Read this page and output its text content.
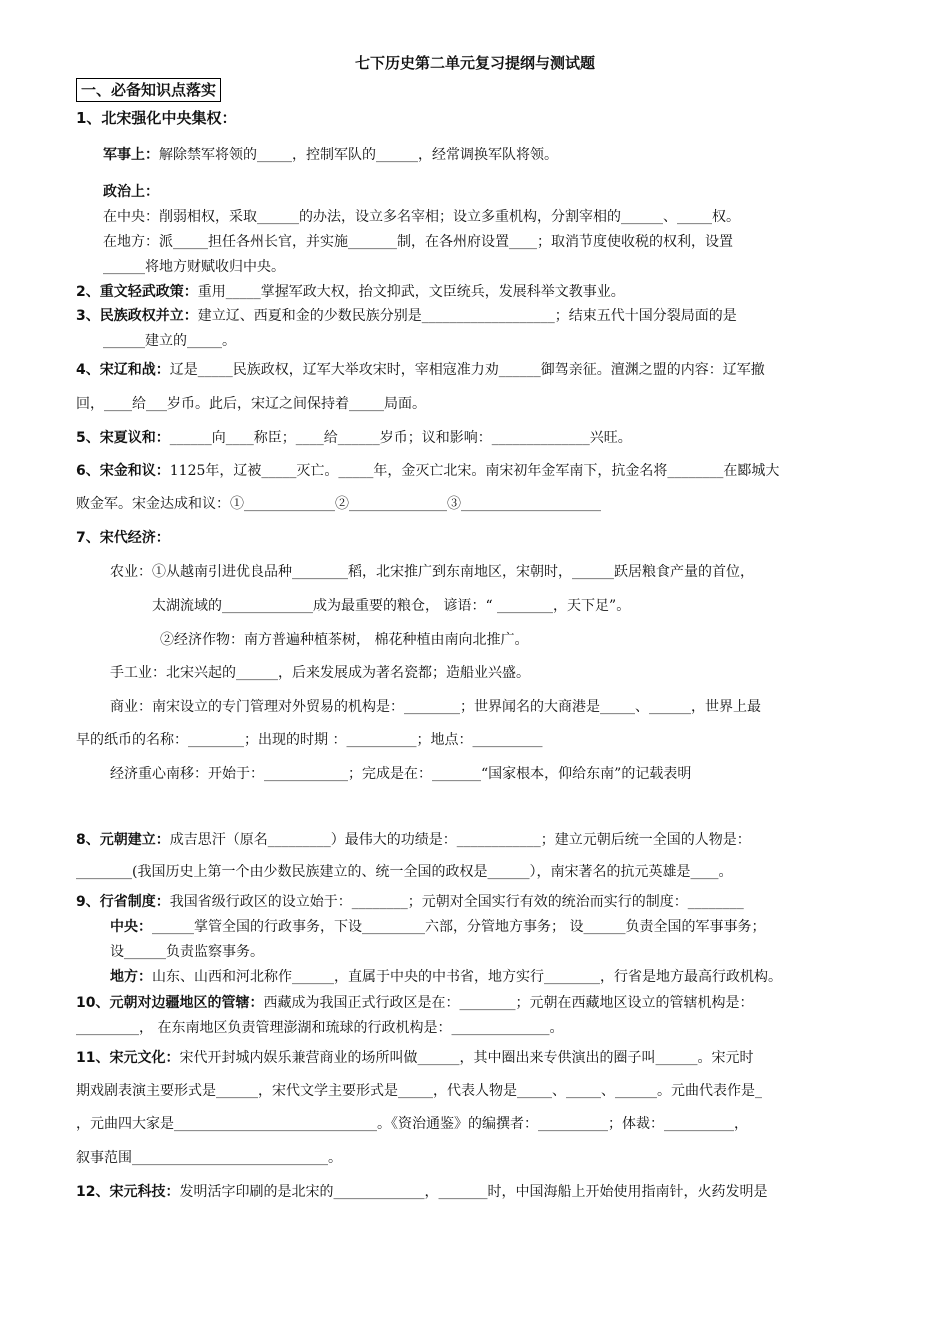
七下历史第二单元复习提纲与测试题
一、必备知识点落实
1、北宋强化中央集权：
军事上：解除禁军将领的_____，控制军队的______，经常调换军队将领。
政治上：
在中央：削弱相权，采取______的办法，设立多名宰相；设立多重机构，分割宰相的______、_____权。
在地方：派_____担任各州长官，并实施_______制，在各州府设置____；取消节度使收税的权利，设置
______将地方财赋收归中央。
2、重文轻武政策：重用_____掌握军政大权，抬文抑武，文臣统兵，发展科举文教事业。
3、民族政权并立：建立辽、西夏和金的少数民族分别是___________________；结束五代十国分裂局面的是
______建立的_____。
4、宋辽和战：辽是_____民族政权，辽军大举攻宋时，宰相寇准力劝______御驾亲征。澶渊之盟的内容：辽军撤
回，____给___岁币。此后，宋辽之间保持着_____局面。
5、宋夏议和：______向____称臣；____给______岁币；议和影响：______________兴旺。
6、宋金和议：1125年，辽被_____灭亡。_____年，金灭亡北宋。南宋初年金军南下，抗金名将________在郾城大
败金军。宋金达成和议：①_____________②______________③____________________
7、宋代经济：
农业：①从越南引进优良品种________稻，北宋推广到东南地区，宋朝时，______跃居粮食产量的首位，
太湖流域的_____________成为最重要的粮仓， 谚语：“ ________，天下足”。
②经济作物：南方普遍种植茶树， 棉花种植由南向北推广。
手工业：北宋兴起的______，后来发展成为著名瓷都；造船业兴盛。
商业：南宋设立的专门管理对外贸易的机构是：________；世界闻名的大商港是_____、______，世界上最
早的纸币的名称：________；出现的时期 ：__________；地点：__________
经济重心南移：开始于：____________；完成是在：_______“国家根本，仰给东南”的记载表明
8、元朝建立：成吉思汗（原名_________）最伟大的功绩是：____________；建立元朝后统一全国的人物是：
________(我国历史上第一个由少数民族建立的、统一全国的政权是______），南宋著名的抗元英雄是____。
9、行省制度：我国省级行政区的设立始于：________；元朝对全国实行有效的统治而实行的制度：________
中央：______掌管全国的行政事务，下设_________六部，分管地方事务； 设______负责全国的军事事务；
设______负责监察事务。
地方：山东、山西和河北称作______，直属于中央的中书省，地方实行________，行省是地方最高行政机构。
10、元朝对边疆地区的管辖：西藏成为我国正式行政区是在：________；元朝在西藏地区设立的管辖机构是：
_________， 在东南地区负责管理澎湖和琉球的行政机构是：______________。
11、宋元文化：宋代开封城内娱乐兼营商业的场所叫做______，其中圈出来专供演出的圈子叫______。宋元时
期戏剧表演主要形式是______，宋代文学主要形式是_____，代表人物是_____、_____、______。元曲代表作是_
，元曲四大家是_____________________________。《资治通鉴》的编撰者：__________；体裁：__________，
叙事范围____________________________。
12、宋元科技：发明活字印刷的是北宋的_____________，_______时，中国海船上开始使用指南针，火药发明是
